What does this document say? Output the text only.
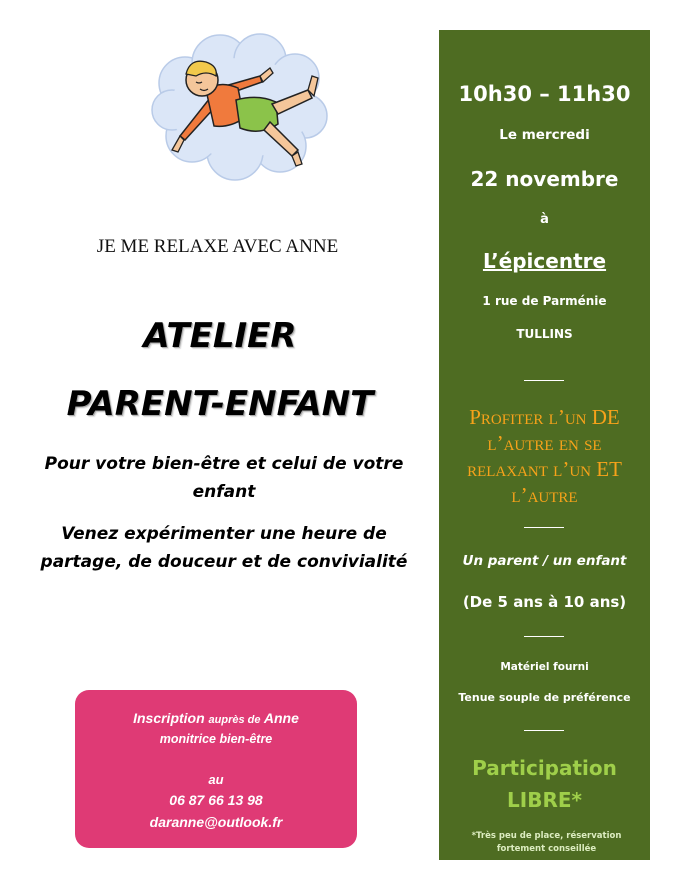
JE ME RELAXE AVEC ANNE
ATELIER
PARENT-ENFANT
Pour votre bien-être et celui de votre enfant
Venez expérimenter une heure de partage, de douceur et de convivialité
Inscription auprès de Anne
monitrice bien-être
au
06 87 66 13 98
daranne@outlook.fr
10h30 – 11h30
Le mercredi
22 novembre
à
L’épicentre
1 rue de Parménie
TULLINS
Profiter l’un DE l’autre en se relaxant l’un ET l’autre
Un parent / un enfant
(De 5 ans à 10 ans)
Matériel fourni
Tenue souple de préférence
Participation
LIBRE*
*Très peu de place, réservation fortement conseillée
